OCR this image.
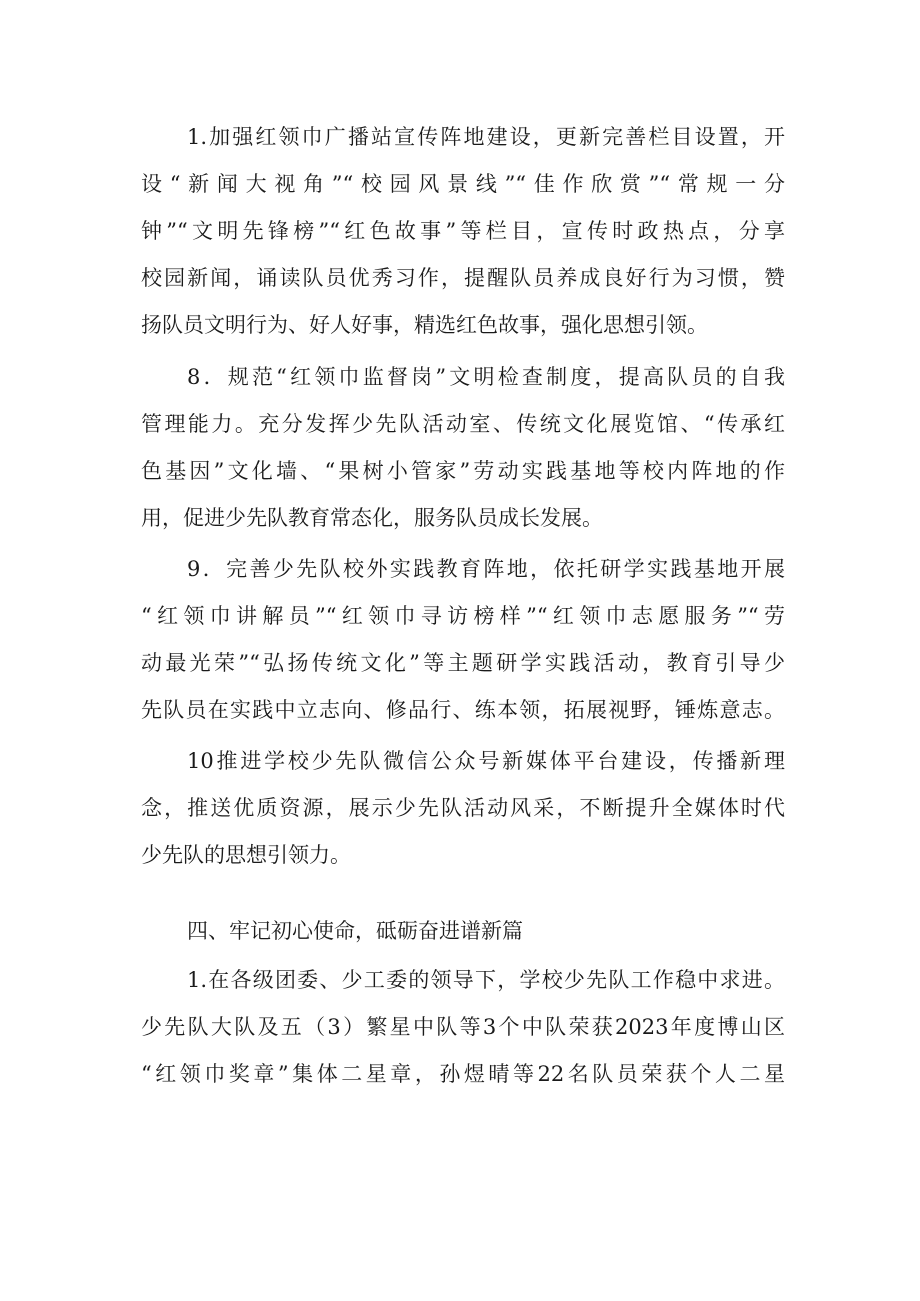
1.加强红领巾广播站宣传阵地建设，更新完善栏目设置，开
设“新闻大视角”“校园风景线”“佳作欣赏”“常规一分
钟”“文明先锋榜”“红色故事”等栏目，宣传时政热点，分享
校园新闻，诵读队员优秀习作，提醒队员养成良好行为习惯，赞
扬队员文明行为、好人好事，精选红色故事，强化思想引领。
8．规范“红领巾监督岗”文明检查制度，提高队员的自我
管理能力。充分发挥少先队活动室、传统文化展览馆、“传承红
色基因”文化墙、“果树小管家”劳动实践基地等校内阵地的作
用，促进少先队教育常态化，服务队员成长发展。
9．完善少先队校外实践教育阵地，依托研学实践基地开展
“红领巾讲解员”“红领巾寻访榜样”“红领巾志愿服务”“劳
动最光荣”“弘扬传统文化”等主题研学实践活动，教育引导少
先队员在实践中立志向、修品行、练本领，拓展视野，锤炼意志。
10推进学校少先队微信公众号新媒体平台建设，传播新理
念，推送优质资源，展示少先队活动风采，不断提升全媒体时代
少先队的思想引领力。
四、牢记初心使命，砥砺奋进谱新篇
1.在各级团委、少工委的领导下，学校少先队工作稳中求进。
少先队大队及五（3）繁星中队等3个中队荣获2023年度博山区
“红领巾奖章”集体二星章，孙煜晴等22名队员荣获个人二星
